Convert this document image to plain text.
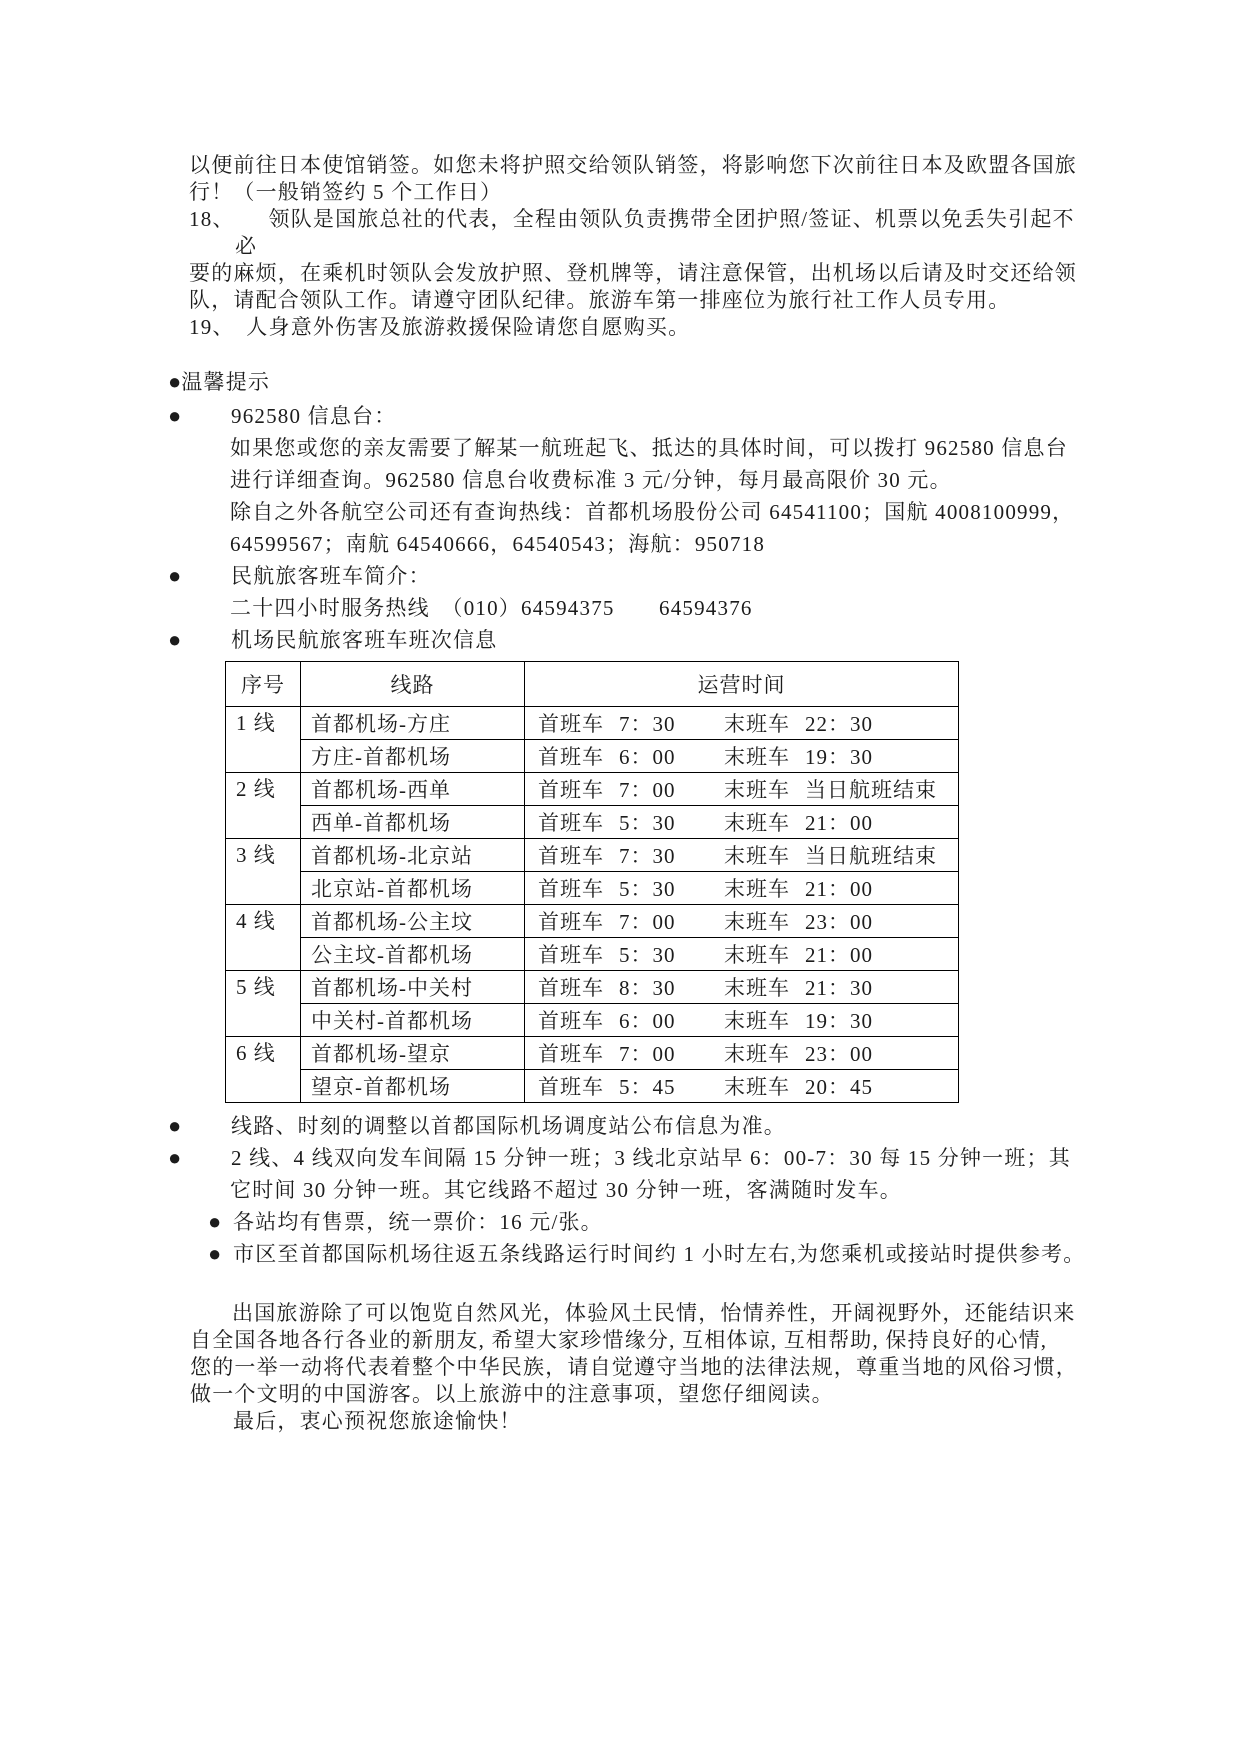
以便前往日本使馆销签。如您未将护照交给领队销签，将影响您下次前往日本及欧盟各国旅
行！（一般销签约 5 个工作日）
18、　　领队是国旅总社的代表，全程由领队负责携带全团护照/签证、机票以免丢失引起不
必
要的麻烦，在乘机时领队会发放护照、登机牌等，请注意保管，出机场以后请及时交还给领
队，请配合领队工作。请遵守团队纪律。旅游车第一排座位为旅行社工作人员专用。
19、　人身意外伤害及旅游救援保险请您自愿购买。
●温馨提示
● 962580 信息台：
如果您或您的亲友需要了解某一航班起飞、抵达的具体时间，可以拨打 962580 信息台
进行详细查询。962580 信息台收费标准 3 元/分钟，每月最高限价 30 元。
除自之外各航空公司还有查询热线：首都机场股份公司 64541100；国航 4008100999，
64599567；南航 64540666，64540543；海航：950718
● 民航旅客班车简介：
二十四小时服务热线　（010）64594375　　64594376
● 机场民航旅客班车班次信息
序号	线路	运营时间
1 线	首都机场-方庄	首班车 7：30 末班车 22：30

	方庄-首都机场	首班车 6：00 末班车 19：30

2 线	首都机场-西单	首班车 7：00 末班车 当日航班结束

	西单-首都机场	首班车 5：30 末班车 21：00

3 线	首都机场-北京站	首班车 7：30 末班车 当日航班结束

	北京站-首都机场	首班车 5：30 末班车 21：00

4 线	首都机场-公主坟	首班车 7：00 末班车 23：00

	公主坟-首都机场	首班车 5：30 末班车 21：00

5 线	首都机场-中关村	首班车 8：30 末班车 21：30

	中关村-首都机场	首班车 6：00 末班车 19：30

6 线	首都机场-望京	首班车 7：00 末班车 23：00

	望京-首都机场	首班车 5：45 末班车 20：45
● 线路、时刻的调整以首都国际机场调度站公布信息为准。
● 2 线、4 线双向发车间隔 15 分钟一班；3 线北京站早 6：00-7：30 每 15 分钟一班；其
它时间 30 分钟一班。其它线路不超过 30 分钟一班，客满随时发车。
● 各站均有售票，统一票价：16 元/张。
● 市区至首都国际机场往返五条线路运行时间约 1 小时左右,为您乘机或接站时提供参考。
出国旅游除了可以饱览自然风光，体验风土民情，怡情养性，开阔视野外，还能结识来
自全国各地各行各业的新朋友, 希望大家珍惜缘分, 互相体谅, 互相帮助, 保持良好的心情,
您的一举一动将代表着整个中华民族，请自觉遵守当地的法律法规，尊重当地的风俗习惯，
做一个文明的中国游客。以上旅游中的注意事项，望您仔细阅读。
最后，衷心预祝您旅途愉快！
